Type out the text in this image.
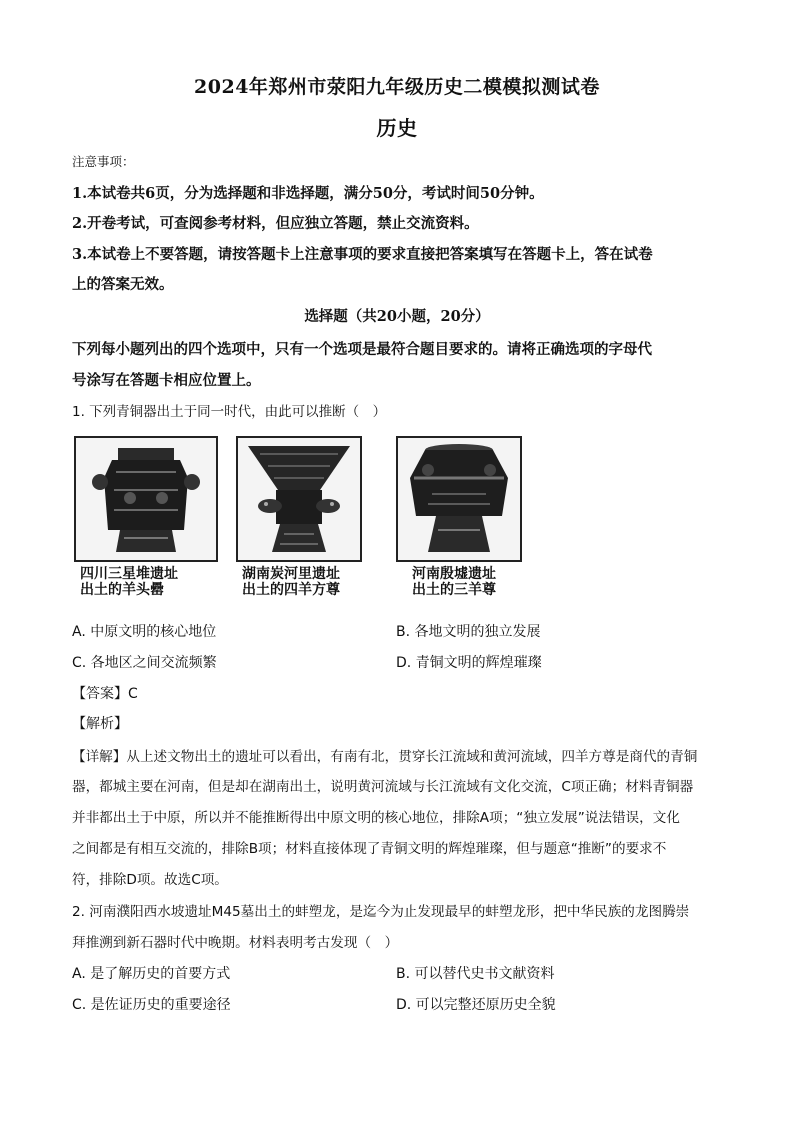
2024年郑州市荥阳九年级历史二模模拟测试卷
历史
注意事项：
1.本试卷共6页，分为选择题和非选择题，满分50分，考试时间50分钟。
2.开卷考试，可查阅参考材料，但应独立答题，禁止交流资料。
3.本试卷上不要答题，请按答题卡上注意事项的要求直接把答案填写在答题卡上，答在试卷
上的答案无效。
选择题（共20小题，20分）
下列每小题列出的四个选项中，只有一个选项是最符合题目要求的。请将正确选项的字母代
号涂写在答题卡相应位置上。
1. 下列青铜器出土于同一时代，由此可以推断（　）
四川三星堆遗址
出土的羊头罍
湖南炭河里遗址
出土的四羊方尊
河南殷墟遗址
出土的三羊尊
A. 中原文明的核心地位	B. 各地文明的独立发展
C. 各地区之间交流频繁	D. 青铜文明的辉煌璀璨
【答案】C
【解析】
【详解】从上述文物出土的遗址可以看出，有南有北，贯穿长江流域和黄河流域，四羊方尊是商代的青铜
器，都城主要在河南，但是却在湖南出土，说明黄河流域与长江流域有文化交流，C项正确；材料青铜器
并非都出土于中原，所以并不能推断得出中原文明的核心地位，排除A项；“独立发展”说法错误，文化
之间都是有相互交流的，排除B项；材料直接体现了青铜文明的辉煌璀璨，但与题意“推断”的要求不
符，排除D项。故选C项。
2. 河南濮阳西水坡遗址M45墓出土的蚌塑龙，是迄今为止发现最早的蚌塑龙形，把中华民族的龙图腾崇
拜推溯到新石器时代中晚期。材料表明考古发现（　）
A. 是了解历史的首要方式	B. 可以替代史书文献资料
C. 是佐证历史的重要途径	D. 可以完整还原历史全貌
